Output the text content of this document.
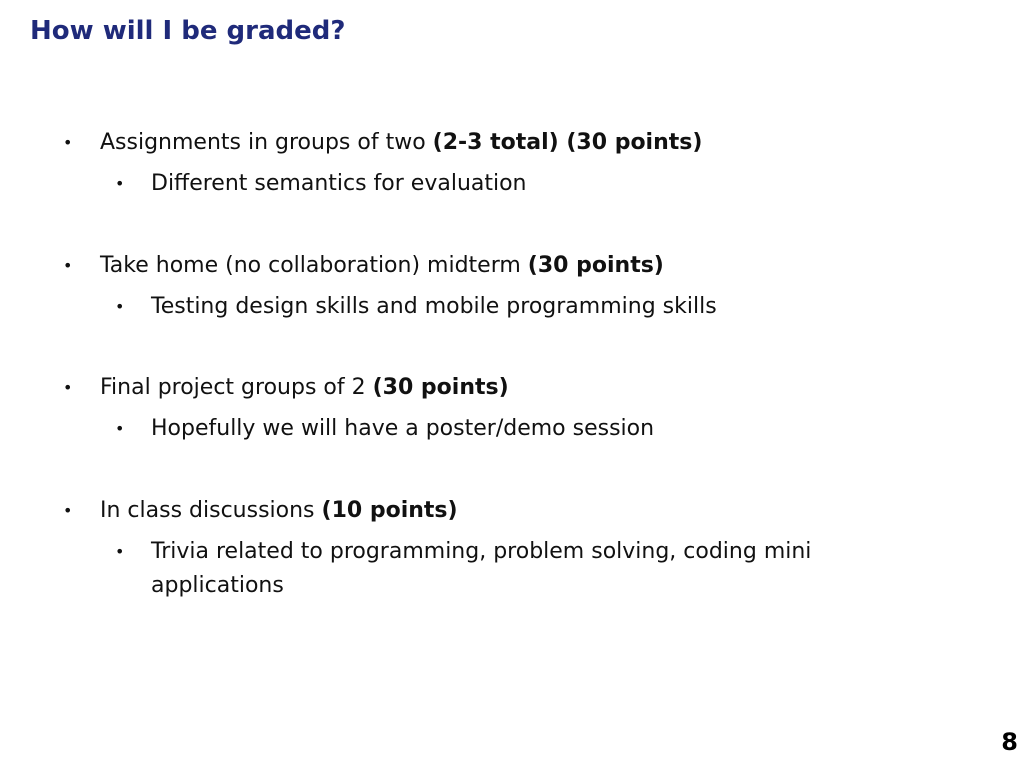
How will I be graded?
• Assignments in groups of two (2-3 total) (30 points)
• Different semantics for evaluation
• Take home (no collaboration) midterm (30 points)
• Testing design skills and mobile programming skills
• Final project groups of 2 (30 points)
• Hopefully we will have a poster/demo session
• In class discussions (10 points)
• Trivia related to programming, problem solving, coding mini applications
8
